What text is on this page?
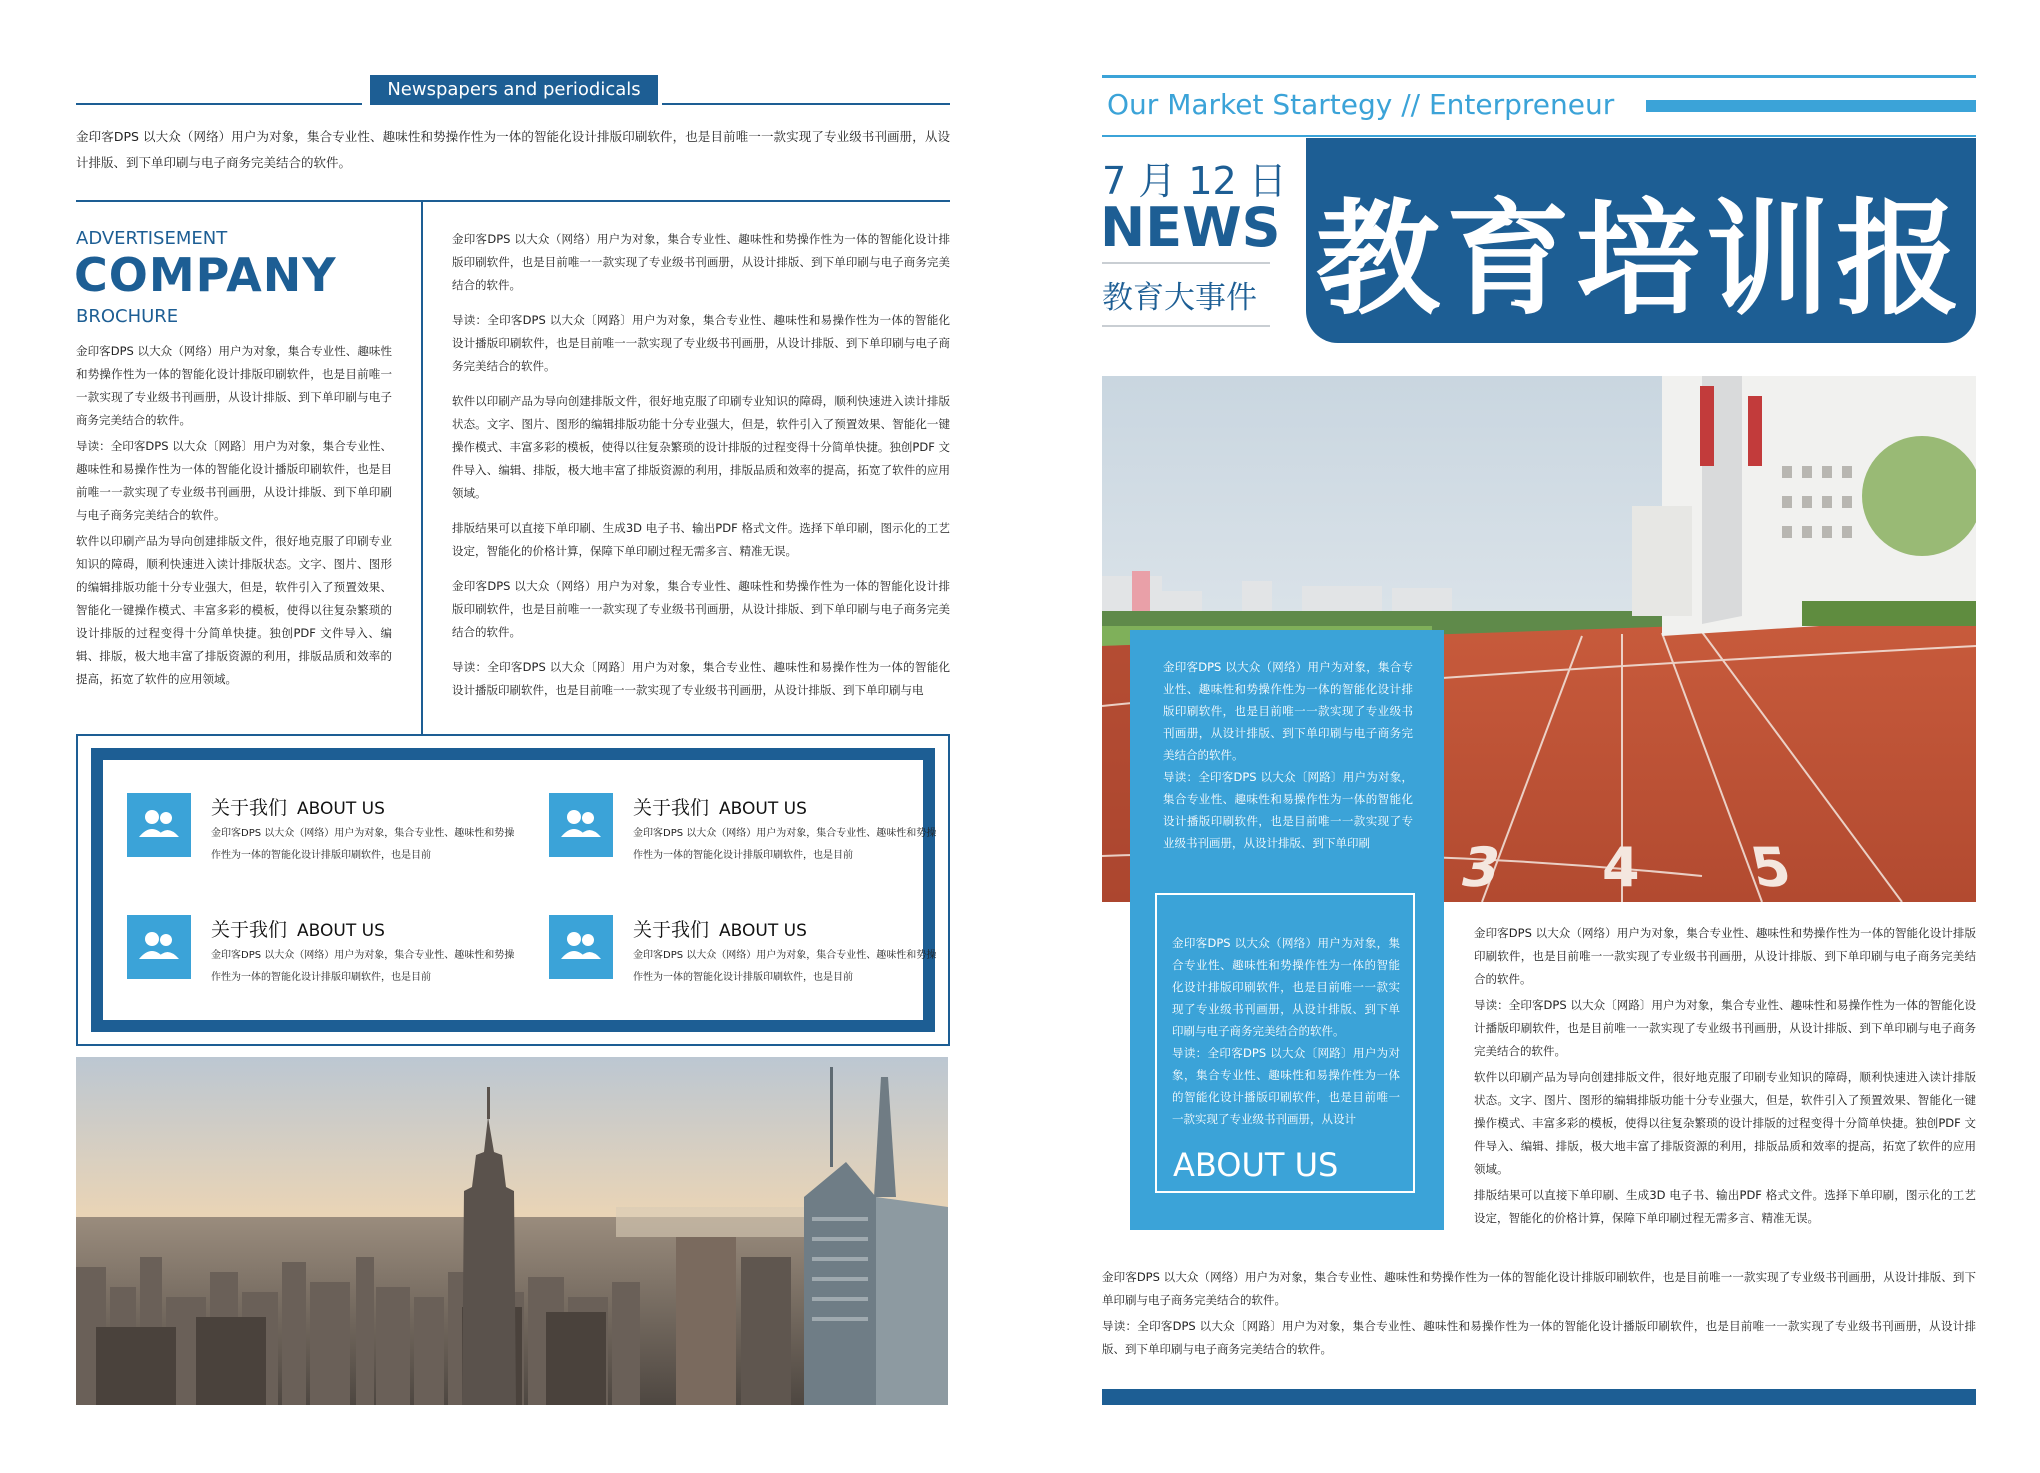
Newspapers and periodicals
金印客DPS 以大众（网络）用户为对象，集合专业性、趣味性和势操作性为一体的智能化设计排版印刷软件，也是目前唯一一款实现了专业级书刊画册，从设计排版、到下单印刷与电子商务完美结合的软件。
ADVERTISEMENT
COMPANY
BROCHURE

金印客DPS 以大众（网络）用户为对象，集合专业性、趣味性和势操作性为一体的智能化设计排版印刷软件，也是目前唯一一款实现了专业级书刊画册，从设计排版、到下单印刷与电子商务完美结合的软件。

导读：全印客DPS 以大众〔网路〕用户为对象，集合专业性、趣味性和易操作性为一体的智能化设计播版印刷软件，也是目前唯一一款实现了专业级书刊画册，从设计排版、到下单印刷与电子商务完美结合的软件。

软件以印刷产品为导向创建排版文件，很好地克服了印刷专业知识的障碍，顺利快速进入读计排版状态。文字、图片、图形的编辑排版功能十分专业强大，但是，软件引入了预置效果、智能化一键操作模式、丰富多彩的模板，使得以往复杂繁琐的设计排版的过程变得十分简单快捷。独创PDF 文件导入、编辑、排版，极大地丰富了排版资源的利用，排版品质和效率的提高，拓宽了软件的应用领域。

金印客DPS 以大众（网络）用户为对象，集合专业性、趣味性和势操作性为一体的智能化设计排版印刷软件，也是目前唯一一款实现了专业级书刊画册，从设计排版、到下单印刷与电子商务完美结合的软件。

导读：全印客DPS 以大众〔网路〕用户为对象，集合专业性、趣味性和易操作性为一体的智能化设计播版印刷软件，也是目前唯一一款实现了专业级书刊画册，从设计排版、到下单印刷与电子商务完美结合的软件。

软件以印刷产品为导向创建排版文件，很好地克服了印刷专业知识的障碍，顺利快速进入读计排版状态。文字、图片、图形的编辑排版功能十分专业强大，但是，软件引入了预置效果、智能化一键操作模式、丰富多彩的模板，使得以往复杂繁琐的设计排版的过程变得十分简单快捷。独创PDF 文件导入、编辑、排版，极大地丰富了排版资源的利用，排版品质和效率的提高，拓宽了软件的应用领域。

排版结果可以直接下单印刷、生成3D 电子书、输出PDF 格式文件。选择下单印刷，图示化的工艺设定，智能化的价格计算，保障下单印刷过程无需多言、精准无误。

金印客DPS 以大众（网络）用户为对象，集合专业性、趣味性和势操作性为一体的智能化设计排版印刷软件，也是目前唯一一款实现了专业级书刊画册，从设计排版、到下单印刷与电子商务完美结合的软件。

导读：全印客DPS 以大众〔网路〕用户为对象，集合专业性、趣味性和易操作性为一体的智能化设计播版印刷软件，也是目前唯一一款实现了专业级书刊画册，从设计排版、到下单印刷与电

关于我们 ABOUT US
金印客DPS 以大众（网络）用户为对象，集合专业性、趣味性和势操作性为一体的智能化设计排版印刷软件，也是目前
关于我们 ABOUT US
金印客DPS 以大众（网络）用户为对象，集合专业性、趣味性和势操作性为一体的智能化设计排版印刷软件，也是目前
关于我们 ABOUT US
金印客DPS 以大众（网络）用户为对象，集合专业性、趣味性和势操作性为一体的智能化设计排版印刷软件，也是目前
关于我们 ABOUT US
金印客DPS 以大众（网络）用户为对象，集合专业性、趣味性和势操作性为一体的智能化设计排版印刷软件，也是目前
Our Market Startegy // Enterpreneur
7 月 12 日
NEWS
教育大事件 教育培训报
3 4 5

金印客DPS 以大众（网络）用户为对象，集合专业性、趣味性和势操作性为一体的智能化设计排版印刷软件，也是目前唯一一款实现了专业级书刊画册，从设计排版、到下单印刷与电子商务完美结合的软件。

导读：全印客DPS 以大众〔网路〕用户为对象，集合专业性、趣味性和易操作性为一体的智能化设计播版印刷软件，也是目前唯一一款实现了专业级书刊画册，从设计排版、到下单印刷

金印客DPS 以大众（网络）用户为对象，集合专业性、趣味性和势操作性为一体的智能化设计排版印刷软件，也是目前唯一一款实现了专业级书刊画册，从设计排版、到下单印刷与电子商务完美结合的软件。

导读：全印客DPS 以大众〔网路〕用户为对象，集合专业性、趣味性和易操作性为一体的智能化设计播版印刷软件，也是目前唯一一款实现了专业级书刊画册，从设计

ABOUT US

金印客DPS 以大众（网络）用户为对象，集合专业性、趣味性和势操作性为一体的智能化设计排版印刷软件，也是目前唯一一款实现了专业级书刊画册，从设计排版、到下单印刷与电子商务完美结合的软件。

导读：全印客DPS 以大众〔网路〕用户为对象，集合专业性、趣味性和易操作性为一体的智能化设计播版印刷软件，也是目前唯一一款实现了专业级书刊画册，从设计排版、到下单印刷与电子商务完美结合的软件。

软件以印刷产品为导向创建排版文件，很好地克服了印刷专业知识的障碍，顺利快速进入读计排版状态。文字、图片、图形的编辑排版功能十分专业强大，但是，软件引入了预置效果、智能化一键操作模式、丰富多彩的模板，使得以往复杂繁琐的设计排版的过程变得十分简单快捷。独创PDF 文件导入、编辑、排版，极大地丰富了排版资源的利用，排版品质和效率的提高，拓宽了软件的应用领域。

排版结果可以直接下单印刷、生成3D 电子书、输出PDF 格式文件。选择下单印刷，图示化的工艺设定，智能化的价格计算，保障下单印刷过程无需多言、精准无误。

金印客DPS 以大众（网络）用户为对象，集合专业性、趣味性和势操作性为一体的智能化设计排版印刷软件，也是目前唯一一款实现了专业级书刊画册，从设计排版、到下单印刷与电子商务完美结合的软件。

导读：全印客DPS 以大众〔网路〕用户为对象，集合专业性、趣味性和易操作性为一体的智能化设计播版印刷软件，也是目前唯一一款实现了专业级书刊画册，从设计排版、到下单印刷与电子商务完美结合的软件。
